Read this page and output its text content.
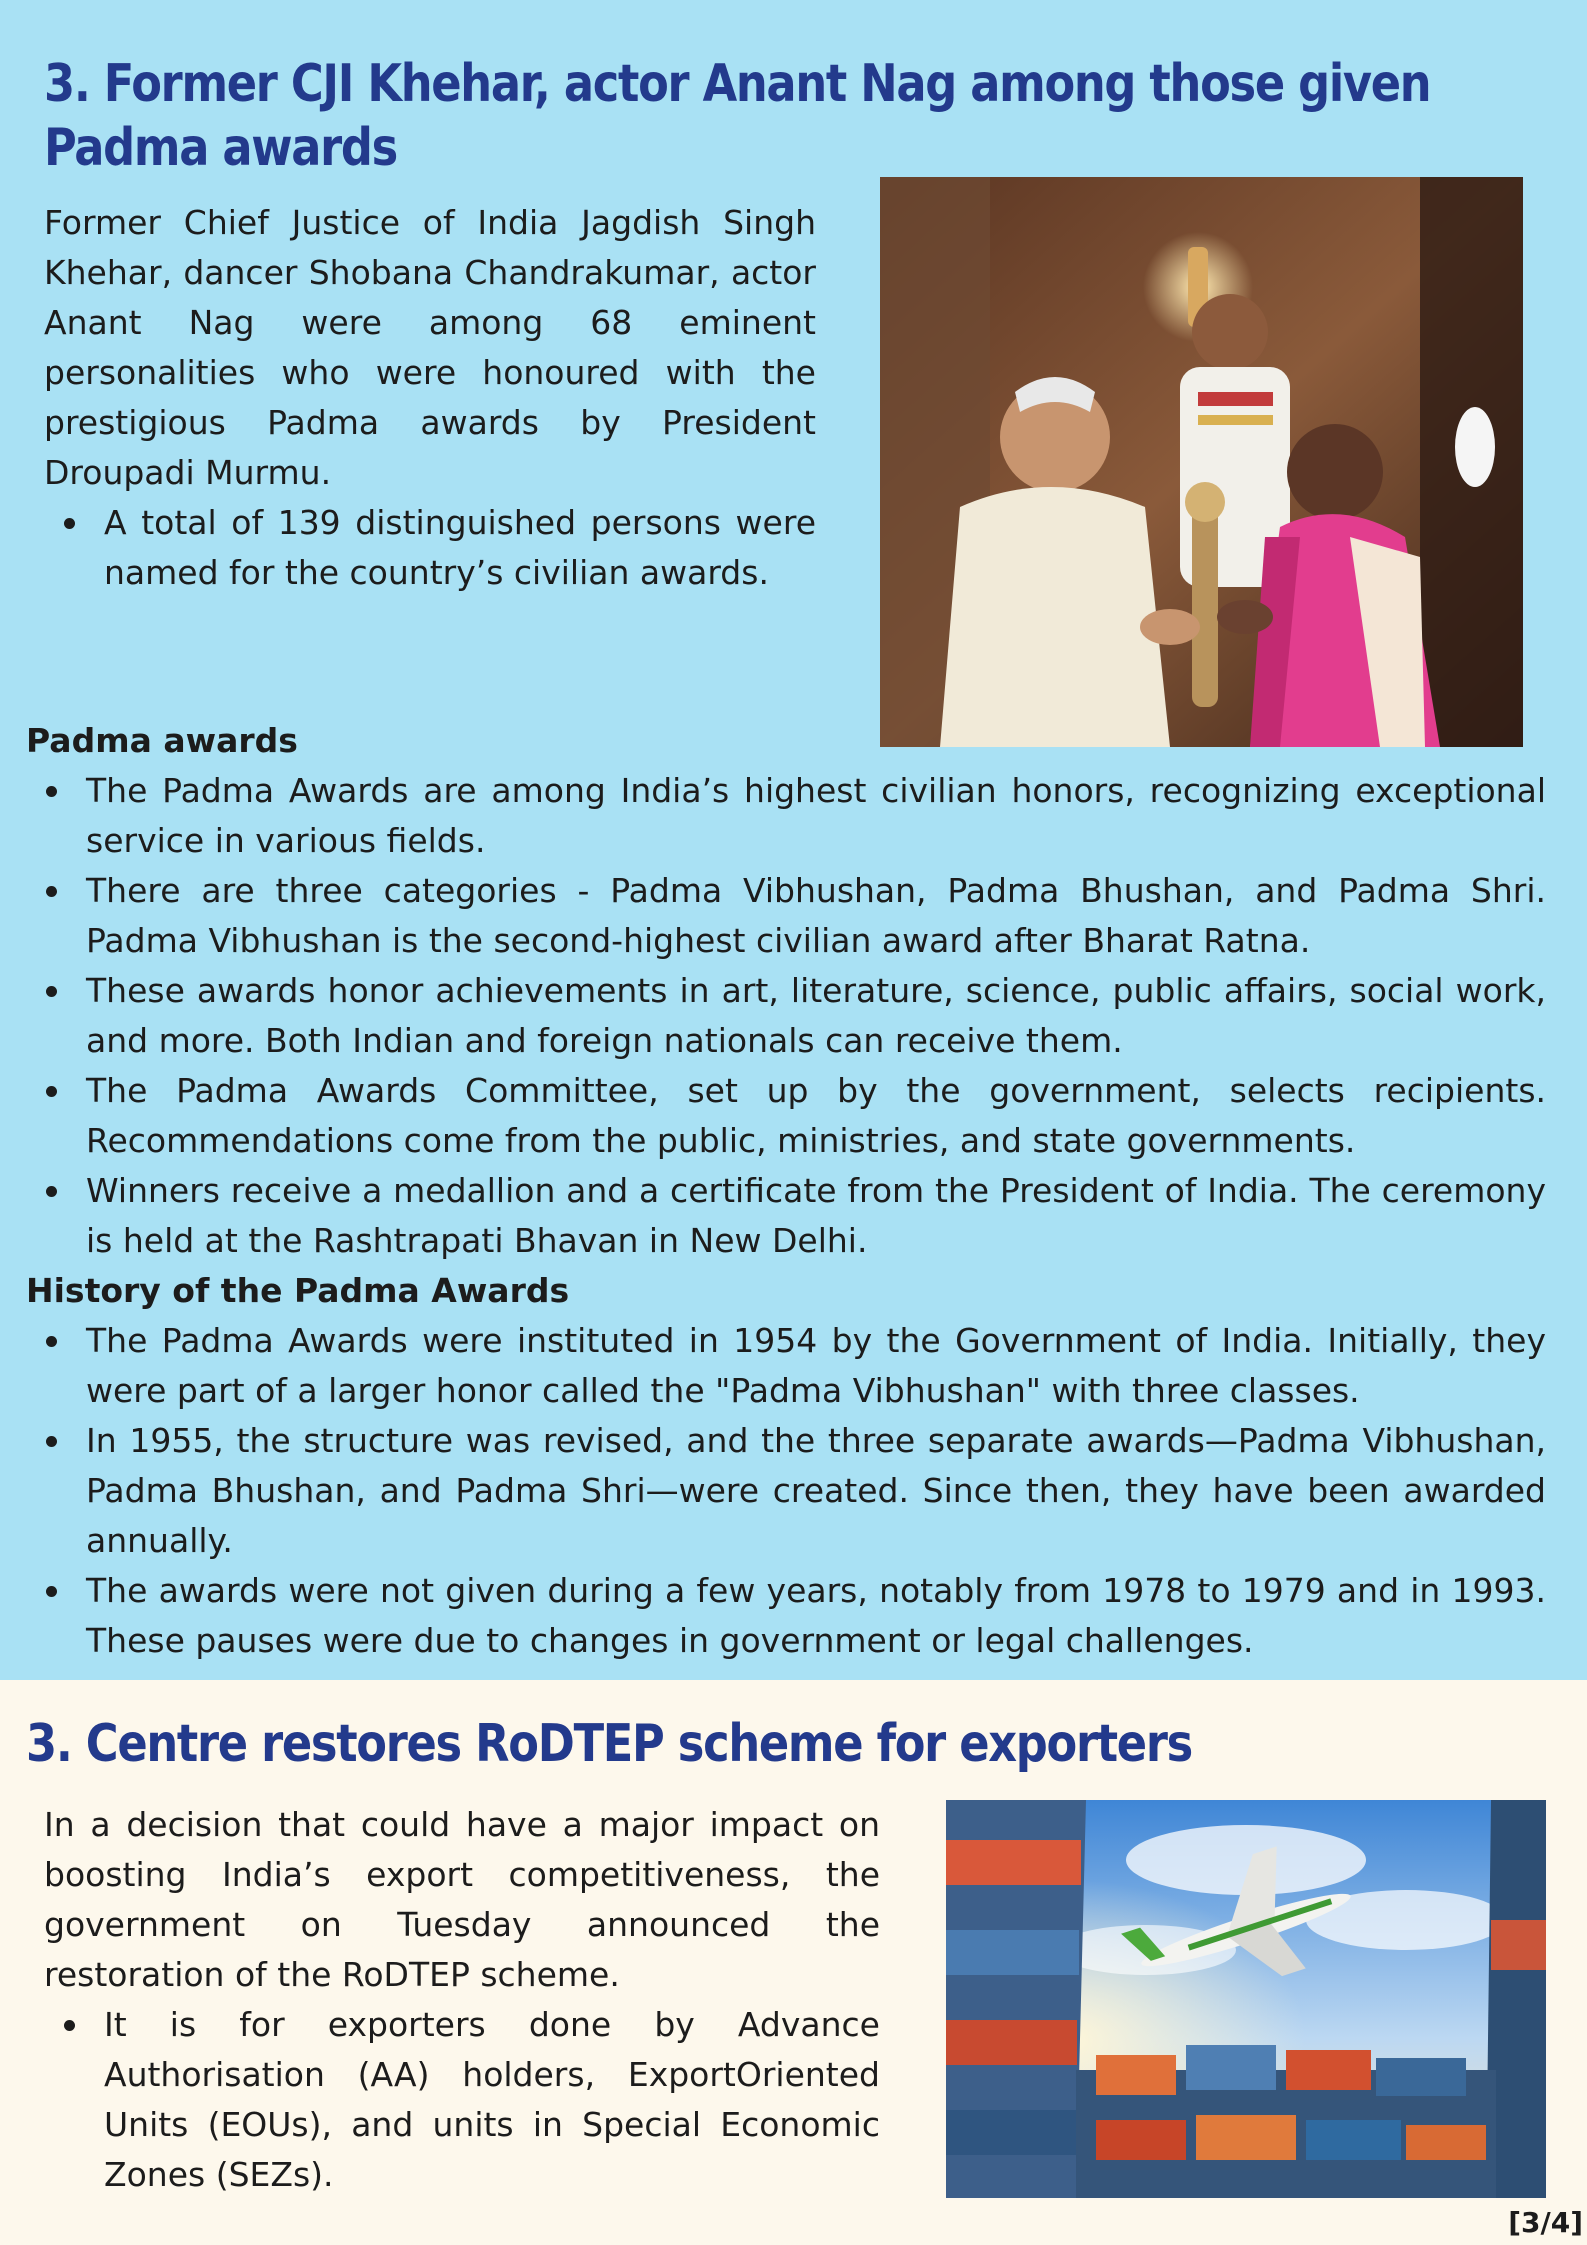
3. Former CJI Khehar, actor Anant Nag among those given Padma awards

Former Chief Justice of India Jagdish Singh Khehar, dancer Shobana Chandrakumar, actor Anant Nag were among 68 eminent personalities who were honoured with the prestigious Padma awards by President Droupadi Murmu.

A total of 139 distinguished persons were named for the country’s civilian awards.
Padma awards
The Padma Awards are among India’s highest civilian honors, recognizing exceptional service in various fields.
There are three categories - Padma Vibhushan, Padma Bhushan, and Padma Shri. Padma Vibhushan is the second-highest civilian award after Bharat Ratna.
These awards honor achievements in art, literature, science, public affairs, social work, and more. Both Indian and foreign nationals can receive them.
The Padma Awards Committee, set up by the government, selects recipients. Recommendations come from the public, ministries, and state governments.
Winners receive a medallion and a certificate from the President of India. The ceremony is held at the Rashtrapati Bhavan in New Delhi.
History of the Padma Awards
The Padma Awards were instituted in 1954 by the Government of India. Initially, they were part of a larger honor called the "Padma Vibhushan" with three classes.
In 1955, the structure was revised, and the three separate awards—Padma Vibhushan, Padma Bhushan, and Padma Shri—were created. Since then, they have been awarded annually.
The awards were not given during a few years, notably from 1978 to 1979 and in 1993. These pauses were due to changes in government or legal challenges.
3. Centre restores RoDTEP scheme for exporters

In a decision that could have a major impact on boosting India’s export competitiveness, the government on Tuesday announced the restoration of the RoDTEP scheme.

It is for exporters done by Advance Authorisation (AA) holders, ExportOriented Units (EOUs), and units in Special Economic Zones (SEZs).
[3/4]
